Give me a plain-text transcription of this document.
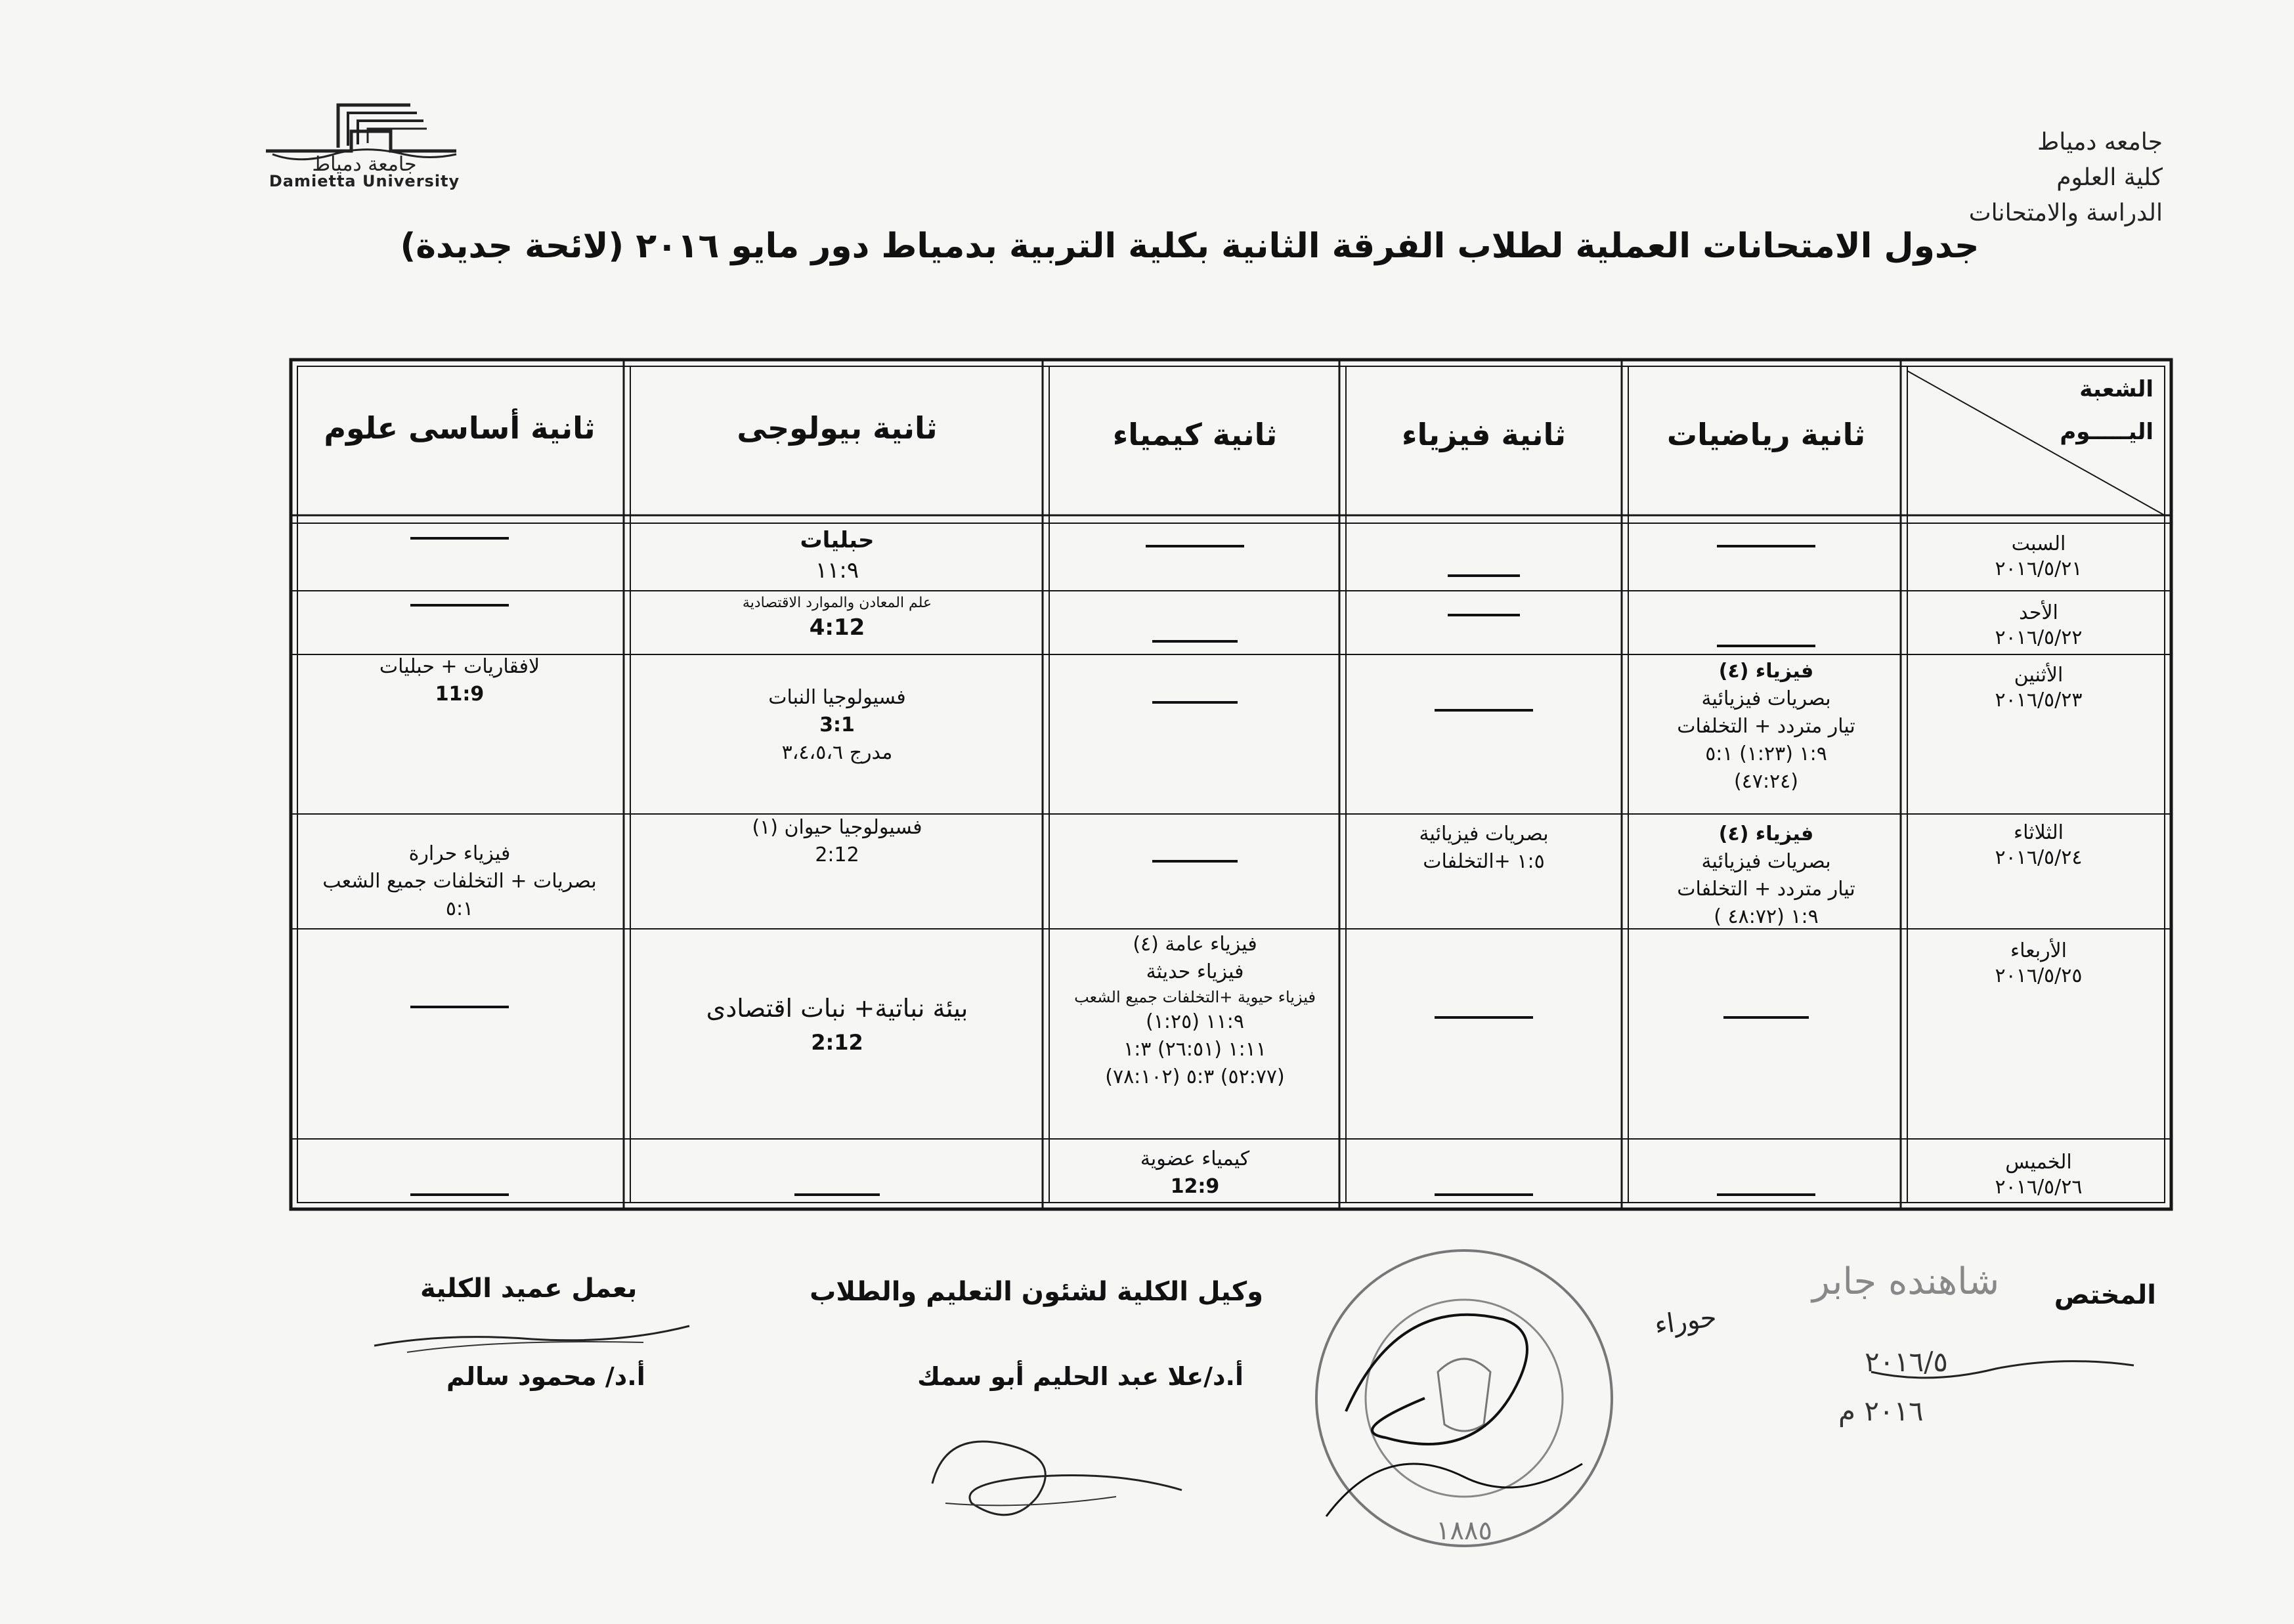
جامعة دمياط
Damietta University
جامعه دمياط
كلية العلوم
الدراسة والامتحانات
جدول الامتحانات العملية لطلاب الفرقة الثانية بكلية التربية بدمياط دور مايو ٢٠١٦ (لائحة جديدة)
الشعبة
اليـــــوم
ثانية رياضيات
ثانية فيزياء
ثانية كيمياء
ثانية بيولوجى
ثانية أساسى علوم
السبت
٢٠١٦/٥/٢١
الأحد
٢٠١٦/٥/٢٢
الأثنين
٢٠١٦/٥/٢٣
الثلاثاء
٢٠١٦/٥/٢٤
الأربعاء
٢٠١٦/٥/٢٥
الخميس
٢٠١٦/٥/٢٦
حبليات
١١:٩
علم المعادن والموارد الاقتصادية
4:12
فيزياء (٤)
بصريات فيزيائية
تيار متردد + التخلفات
١:٩ (١:٢٣) ٥:١
(٤٧:٢٤)
فسيولوجيا النبات
3:1
مدرج ٣،٤،٥،٦
لافقاريات + حبليات
11:9
فيزياء (٤)
بصريات فيزيائية
تيار متردد + التخلفات
١:٩ (٤٨:٧٢ )
بصريات فيزيائية
١:٥ +التخلفات
فسيولوجيا حيوان (١)
2:12
فيزياء حرارة
بصريات + التخلفات جميع الشعب
٥:١
فيزياء عامة (٤)
فيزياء حديثة
فيزياء حيوية +التخلفات جميع الشعب
١١:٩ (١:٢٥)
١:١١ (٢٦:٥١) ١:٣
(٥٢:٧٧) ٥:٣ (٧٨:١٠٢)
بيئة نباتية+ نبات اقتصادى
2:12
كيمياء عضوية
12:9
المختص
وكيل الكلية لشئون التعليم والطلاب
أ.د/علا عبد الحليم أبو سمك
بعمل عميد الكلية
أ.د/ محمود سالم
شاهنده جابر
٢٠١٦/٥
٢٠١٦ م
حوراء
١٨٨٥
